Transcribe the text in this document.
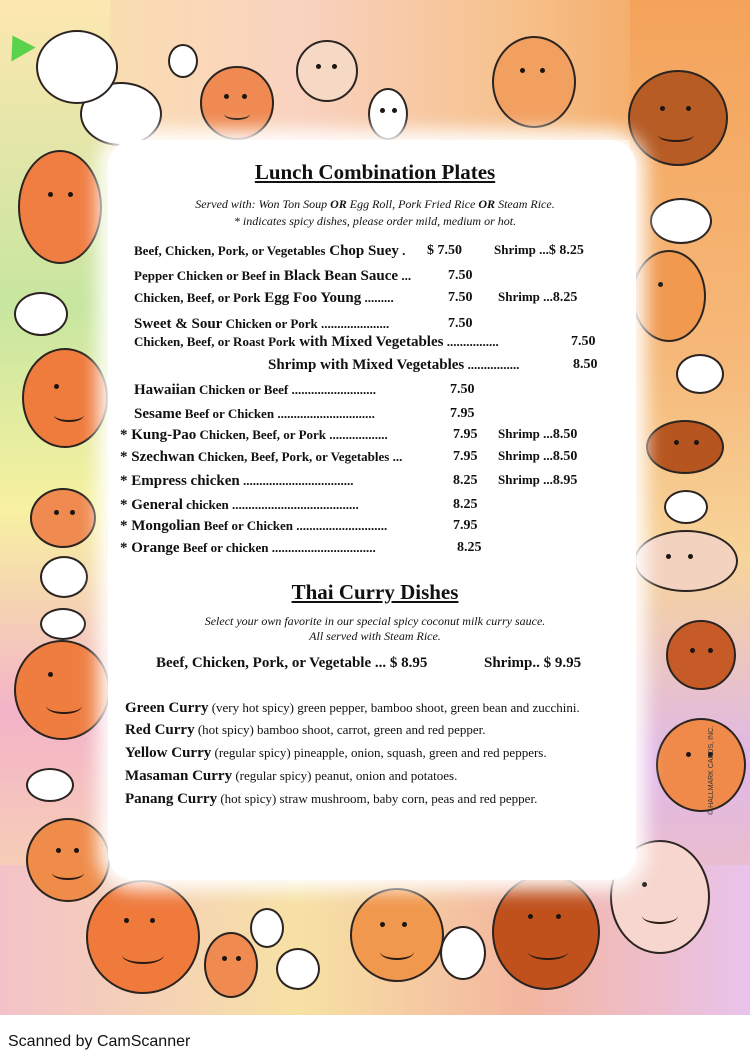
© HALLMARK CARDS, INC.
Lunch Combination Plates
Served with: Won Ton Soup OR Egg Roll, Pork Fried Rice OR Steam Rice.
* indicates spicy dishes, please order mild, medium or hot.
Beef, Chicken, Pork, or Vegetables Chop Suey . $ 7.50 Shrimp ...$ 8.25
Pepper Chicken or Beef in Black Bean Sauce ...	7.50
Chicken, Beef, or Pork Egg Foo Young .........	7.50 Shrimp ...8.25
Sweet & Sour Chicken or Pork .....................	7.50
Chicken, Beef, or Roast Pork with Mixed Vegetables ................	7.50
Shrimp with Mixed Vegetables ................	8.50
Hawaiian Chicken or Beef ..........................	7.50
Sesame Beef or Chicken ..............................	7.95
* Kung-Pao Chicken, Beef, or Pork ..................	7.95 Shrimp ...8.50
* Szechwan Chicken, Beef, Pork, or Vegetables ...	7.95 Shrimp ...8.50
* Empress chicken ..................................	8.25 Shrimp ...8.95
* General chicken .......................................	8.25
* Mongolian Beef or Chicken ............................	7.95
* Orange Beef or chicken ................................	8.25
Thai Curry Dishes
Select your own favorite in our special spicy coconut milk curry sauce.
All served with Steam Rice.
Beef, Chicken, Pork, or Vegetable ... $ 8.95	Shrimp.. $ 9.95
Green Curry (very hot spicy) green pepper, bamboo shoot, green bean and zucchini.
Red Curry (hot spicy) bamboo shoot, carrot, green and red pepper.
Yellow Curry (regular spicy) pineapple, onion, squash, green and red peppers.
Masaman Curry (regular spicy) peanut, onion and potatoes.
Panang Curry (hot spicy) straw mushroom, baby corn, peas and red pepper.
Scanned by CamScanner
